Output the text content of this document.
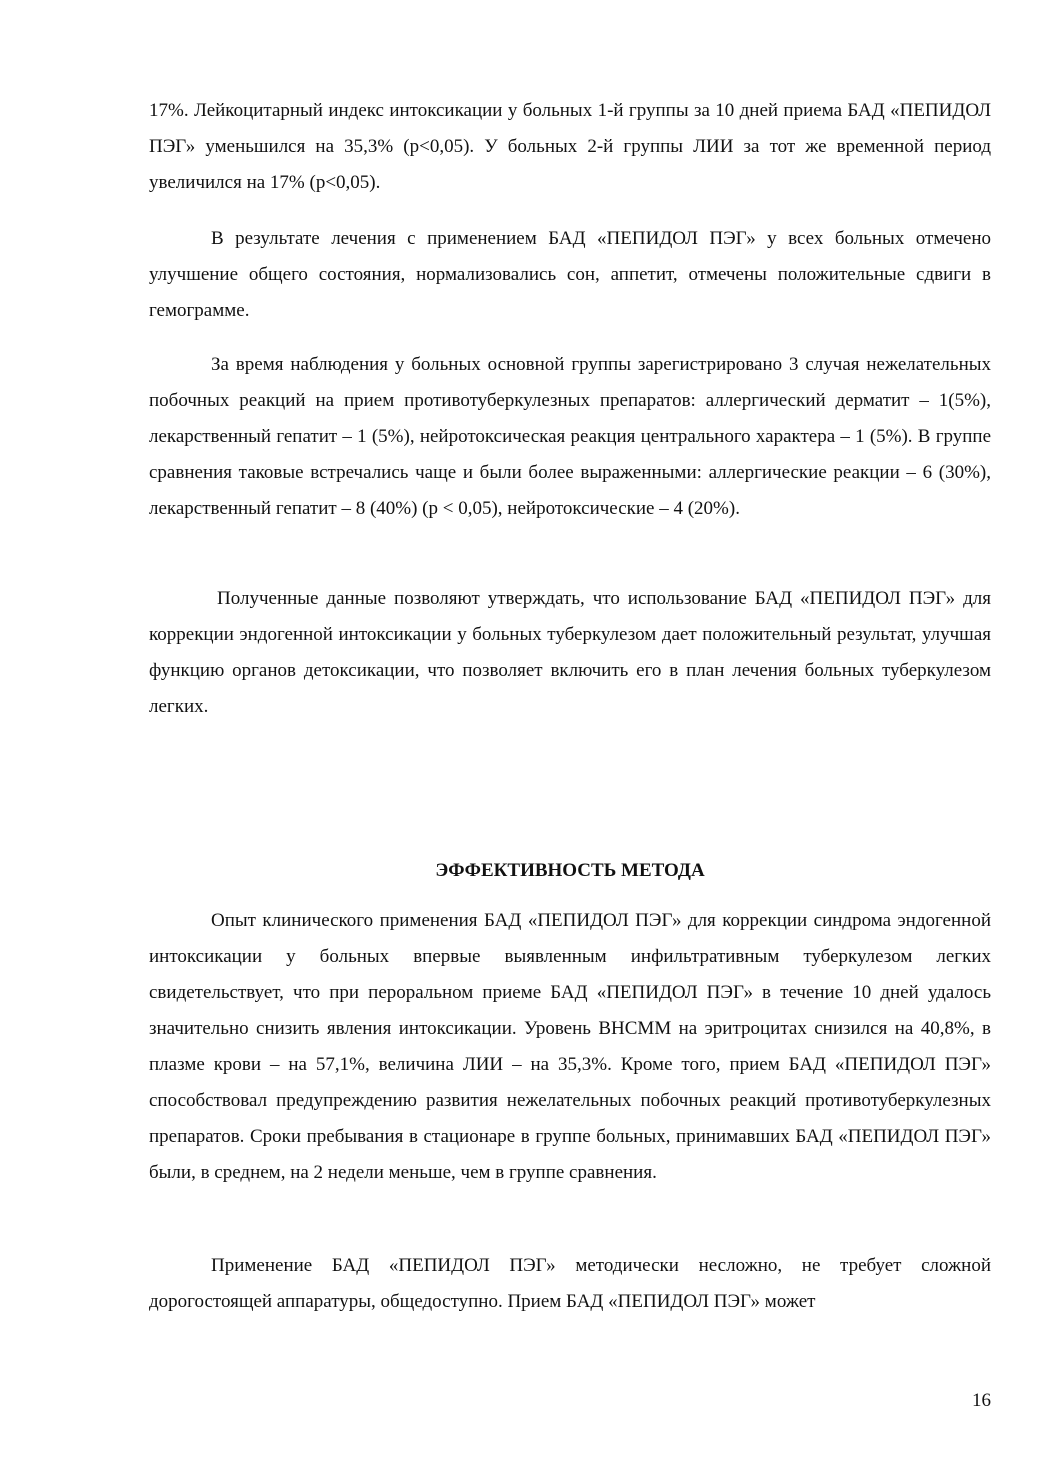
17%. Лейкоцитарный индекс интоксикации у больных 1-й группы за 10 дней приема БАД «ПЕПИДОЛ ПЭГ» уменьшился на 35,3% (р<0,05). У больных 2-й группы ЛИИ за тот же временной период увеличился на 17% (р<0,05).

В результате лечения с применением БАД «ПЕПИДОЛ ПЭГ» у всех больных отмечено улучшение общего состояния, нормализовались сон, аппетит, отмечены положительные сдвиги в гемограмме.

За время наблюдения у больных основной группы зарегистрировано 3 случая нежелательных побочных реакций на прием противотуберкулезных препаратов: аллергический дерматит – 1(5%), лекарственный гепатит – 1 (5%), нейротоксическая реакция центрального характера – 1 (5%). В группе сравнения таковые встречались чаще и были более выраженными: аллергические реакции – 6 (30%), лекарственный гепатит – 8 (40%) (р < 0,05), нейротоксические – 4 (20%).

Полученные данные позволяют утверждать, что использование БАД «ПЕПИДОЛ ПЭГ» для коррекции эндогенной интоксикации у больных туберкулезом дает положительный результат, улучшая функцию органов детоксикации, что позволяет включить его в план лечения больных туберкулезом легких.

ЭФФЕКТИВНОСТЬ МЕТОДА

Опыт клинического применения БАД «ПЕПИДОЛ ПЭГ» для коррекции синдрома эндогенной интоксикации у больных впервые выявленным инфильтративным туберкулезом легких свидетельствует, что при пероральном приеме БАД «ПЕПИДОЛ ПЭГ» в течение 10 дней удалось значительно снизить явления интоксикации. Уровень ВНСММ на эритроцитах снизился на 40,8%, в плазме крови – на 57,1%, величина ЛИИ – на 35,3%. Кроме того, прием БАД «ПЕПИДОЛ ПЭГ» способствовал предупреждению развития нежелательных побочных реакций противотуберкулезных препаратов. Сроки пребывания в стационаре в группе больных, принимавших БАД «ПЕПИДОЛ ПЭГ» были, в среднем, на 2 недели меньше, чем в группе сравнения.

Применение БАД «ПЕПИДОЛ ПЭГ» методически несложно, не требует сложной дорогостоящей аппаратуры, общедоступно. Прием БАД «ПЕПИДОЛ ПЭГ» может

16
